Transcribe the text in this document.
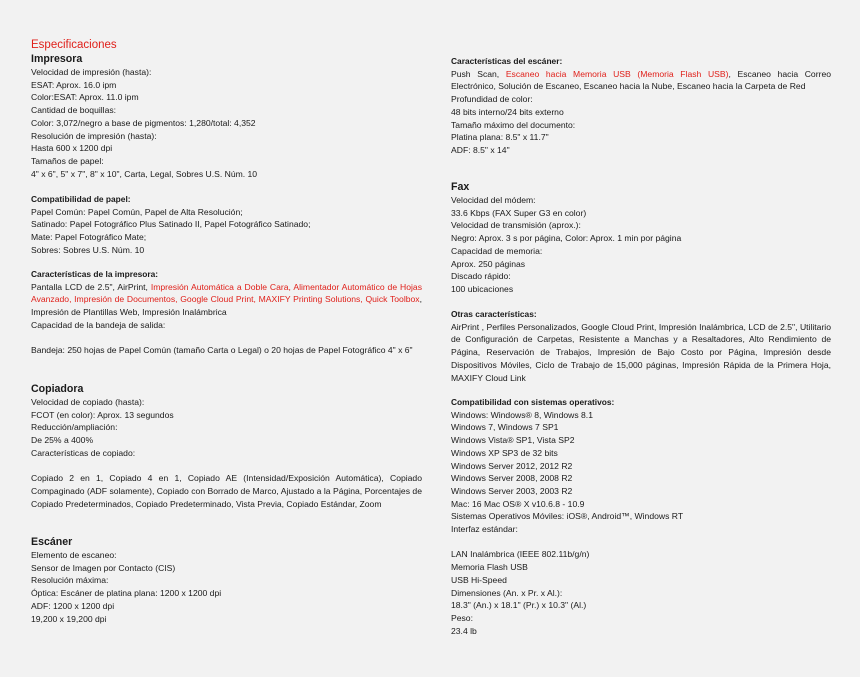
Especificaciones
Impresora
Velocidad de impresión (hasta):
ESAT: Aprox. 16.0 ipm
Color:ESAT: Aprox. 11.0 ipm
Cantidad de boquillas:
Color: 3,072/negro a base de pigmentos: 1,280/total: 4,352
Resolución de impresión (hasta):
Hasta 600 x 1200 dpi
Tamaños de papel:
4" x 6", 5" x 7", 8" x 10", Carta, Legal, Sobres U.S. Núm. 10
Compatibilidad de papel:
Papel Común: Papel Común, Papel de Alta Resolución;
Satinado: Papel Fotográfico Plus Satinado II, Papel Fotográfico Satinado;
Mate: Papel Fotográfico Mate;
Sobres: Sobres U.S. Núm. 10
Características de la impresora:
Pantalla LCD de 2.5", AirPrint, Impresión Automática a Doble Cara, Alimentador Automático de Hojas Avanzado, Impresión de Documentos, Google Cloud Print, MAXIFY Printing Solutions, Quick Toolbox, Impresión de Plantillas Web, Impresión Inalámbrica
Capacidad de la bandeja de salida:
Bandeja: 250 hojas de Papel Común (tamaño Carta o Legal) o 20 hojas de Papel Fotográfico 4" x 6"
Copiadora
Velocidad de copiado (hasta):
FCOT (en color): Aprox. 13 segundos
Reducción/ampliación:
De 25% a 400%
Características de copiado:
Copiado 2 en 1, Copiado 4 en 1, Copiado AE (Intensidad/Exposición Automática), Copiado Compaginado (ADF solamente), Copiado con Borrado de Marco, Ajustado a la Página, Porcentajes de Copiado Predeterminados, Copiado Predeterminado, Vista Previa, Copiado Estándar, Zoom
Escáner
Elemento de escaneo:
Sensor de Imagen por Contacto (CIS)
Resolución máxima:
Óptica: Escáner de platina plana: 1200 x 1200 dpi
ADF: 1200 x 1200 dpi
19,200 x 19,200 dpi
Características del escáner:
Push Scan, Escaneo hacia Memoria USB (Memoria Flash USB), Escaneo hacia Correo Electrónico, Solución de Escaneo, Escaneo hacia la Nube, Escaneo hacia la Carpeta de Red
Profundidad de color:
48 bits interno/24 bits externo
Tamaño máximo del documento:
Platina plana: 8.5" x 11.7"
ADF: 8.5" x 14"
Fax
Velocidad del módem:
33.6 Kbps (FAX Super G3 en color)
Velocidad de transmisión (aprox.):
Negro: Aprox. 3 s por página, Color: Aprox. 1 min por página
Capacidad de memoria:
Aprox. 250 páginas
Discado rápido:
100 ubicaciones
Otras características:
AirPrint , Perfiles Personalizados, Google Cloud Print, Impresión Inalámbrica, LCD de 2.5", Utilitario de Configuración de Carpetas, Resistente a Manchas y a Resaltadores, Alto Rendimiento de Página, Reservación de Trabajos, Impresión de Bajo Costo por Página, Impresión desde Dispositivos Móviles, Ciclo de Trabajo de 15,000 páginas, Impresión Rápida de la Primera Hoja, MAXIFY Cloud Link
Compatibilidad con sistemas operativos:
Windows: Windows® 8, Windows 8.1
Windows 7, Windows 7 SP1
Windows Vista® SP1, Vista SP2
Windows XP SP3 de 32 bits
Windows Server 2012, 2012 R2
Windows Server 2008, 2008 R2
Windows Server 2003, 2003 R2
Mac: 16 Mac OS® X v10.6.8 - 10.9
Sistemas Operativos Móviles: iOS®, Android™, Windows RT
Interfaz estándar:
LAN Inalámbrica (IEEE 802.11b/g/n)
Memoria Flash USB
USB Hi-Speed
Dimensiones (An. x Pr. x Al.):
18.3" (An.) x 18.1" (Pr.) x 10.3" (Al.)
Peso:
23.4 lb
